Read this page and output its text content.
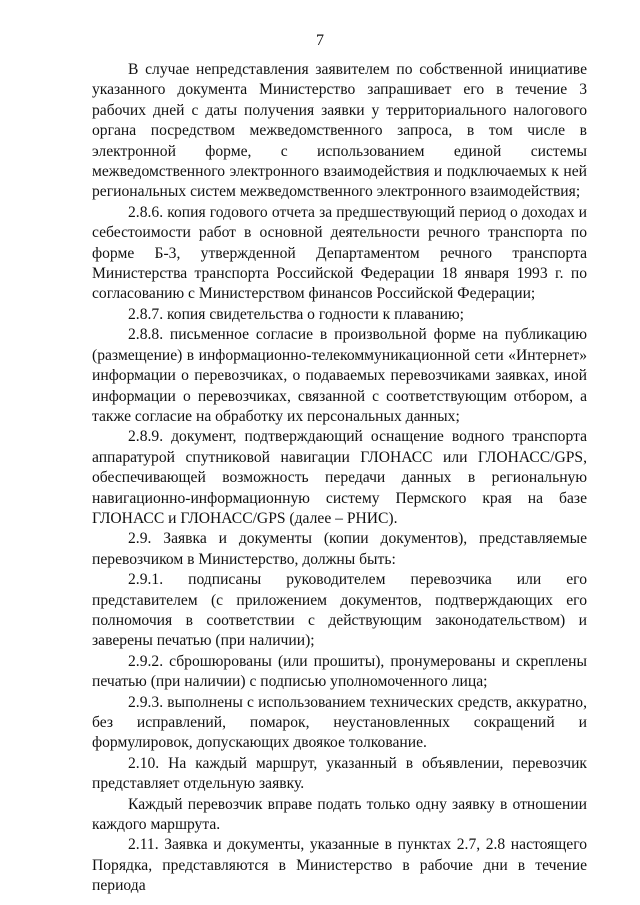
7

В случае непредставления заявителем по собственной инициативе указанного документа Министерство запрашивает его в течение 3 рабочих дней с даты получения заявки у территориального налогового органа посредством межведомственного запроса, в том числе в электронной форме, с использованием единой системы межведомственного электронного взаимодействия и подключаемых к ней региональных систем межведомственного электронного взаимодействия;

2.8.6. копия годового отчета за предшествующий период о доходах и себестоимости работ в основной деятельности речного транспорта по форме Б-3, утвержденной Департаментом речного транспорта Министерства транспорта Российской Федерации 18 января 1993 г. по согласованию с Министерством финансов Российской Федерации;

2.8.7. копия свидетельства о годности к плаванию;

2.8.8. письменное согласие в произвольной форме на публикацию (размещение) в информационно-телекоммуникационной сети «Интернет» информации о перевозчиках, о подаваемых перевозчиками заявках, иной информации о перевозчиках, связанной с соответствующим отбором, а также согласие на обработку их персональных данных;

2.8.9. документ, подтверждающий оснащение водного транспорта аппаратурой спутниковой навигации ГЛОНАСС или ГЛОНАСС/GPS, обеспечивающей возможность передачи данных в региональную навигационно-информационную систему Пермского края на базе ГЛОНАСС и ГЛОНАСС/GPS (далее – РНИС).

2.9. Заявка и документы (копии документов), представляемые перевозчиком в Министерство, должны быть:

2.9.1. подписаны руководителем перевозчика или его представителем (с приложением документов, подтверждающих его полномочия в соответствии с действующим законодательством) и заверены печатью (при наличии);

2.9.2. сброшюрованы (или прошиты), пронумерованы и скреплены печатью (при наличии) с подписью уполномоченного лица;

2.9.3. выполнены с использованием технических средств, аккуратно, без исправлений, помарок, неустановленных сокращений и формулировок, допускающих двоякое толкование.

2.10. На каждый маршрут, указанный в объявлении, перевозчик представляет отдельную заявку.

Каждый перевозчик вправе подать только одну заявку в отношении каждого маршрута.

2.11. Заявка и документы, указанные в пунктах 2.7, 2.8 настоящего Порядка, представляются в Министерство в рабочие дни в течение периода
